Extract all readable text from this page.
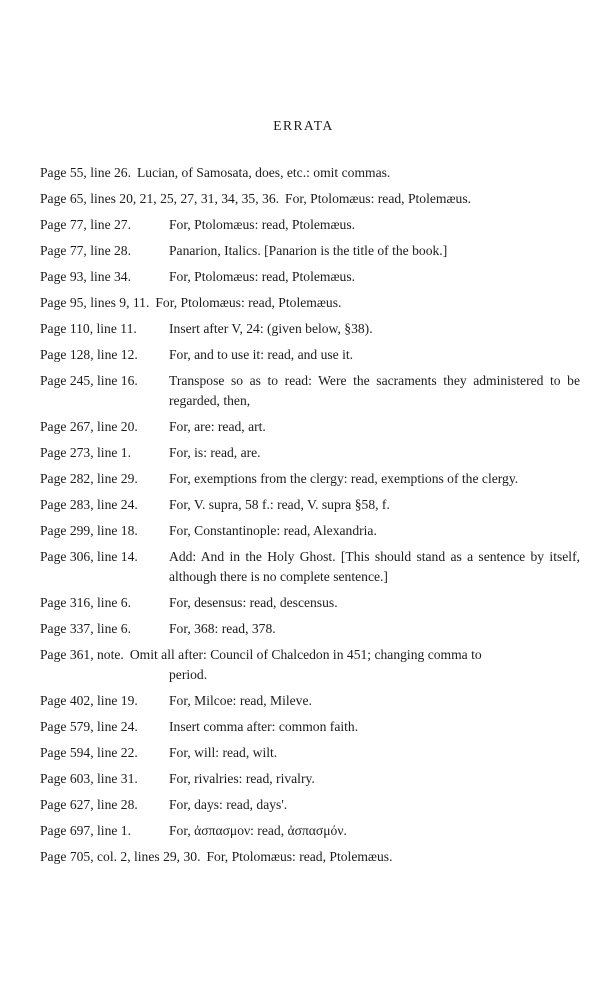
ERRATA
Page 55, line 26. Lucian, of Samosata, does, etc.: omit commas.
Page 65, lines 20, 21, 25, 27, 31, 34, 35, 36. For, Ptolomæus: read, Ptolemæus.
Page 77, line 27.	For, Ptolomæus: read, Ptolemæus.
Page 77, line 28.	Panarion, Italics. [Panarion is the title of the book.]
Page 93, line 34.	For, Ptolomæus: read, Ptolemæus.
Page 95, lines 9, 11. For, Ptolomæus: read, Ptolemæus.
Page 110, line 11. Insert after V, 24: (given below, §38).
Page 128, line 12. For, and to use it: read, and use it.
Page 245, line 16. Transpose so as to read: Were the sacraments they administered to be regarded, then,
Page 267, line 20. For, are: read, art.
Page 273, line 1.	For, is: read, are.
Page 282, line 29. For, exemptions from the clergy: read, exemptions of the clergy.
Page 283, line 24. For, V. supra, 58 f.: read, V. supra §58, f.
Page 299, line 18. For, Constantinople: read, Alexandria.
Page 306, line 14. Add: And in the Holy Ghost. [This should stand as a sentence by itself, although there is no complete sentence.]
Page 316, line 6.	For, desensus: read, descensus.
Page 337, line 6.	For, 368: read, 378.
Page 361, note. Omit all after: Council of Chalcedon in 451; changing comma to
period.
Page 402, line 19. For, Milcoe: read, Mileve.
Page 579, line 24. Insert comma after: common faith.
Page 594, line 22. For, will: read, wilt.
Page 603, line 31. For, rivalries: read, rivalry.
Page 627, line 28. For, days: read, days'.
Page 697, line 1.	For, ἀσπασμον: read, ἀσπασμόν.
Page 705, col. 2, lines 29, 30. For, Ptolomæus: read, Ptolemæus.
